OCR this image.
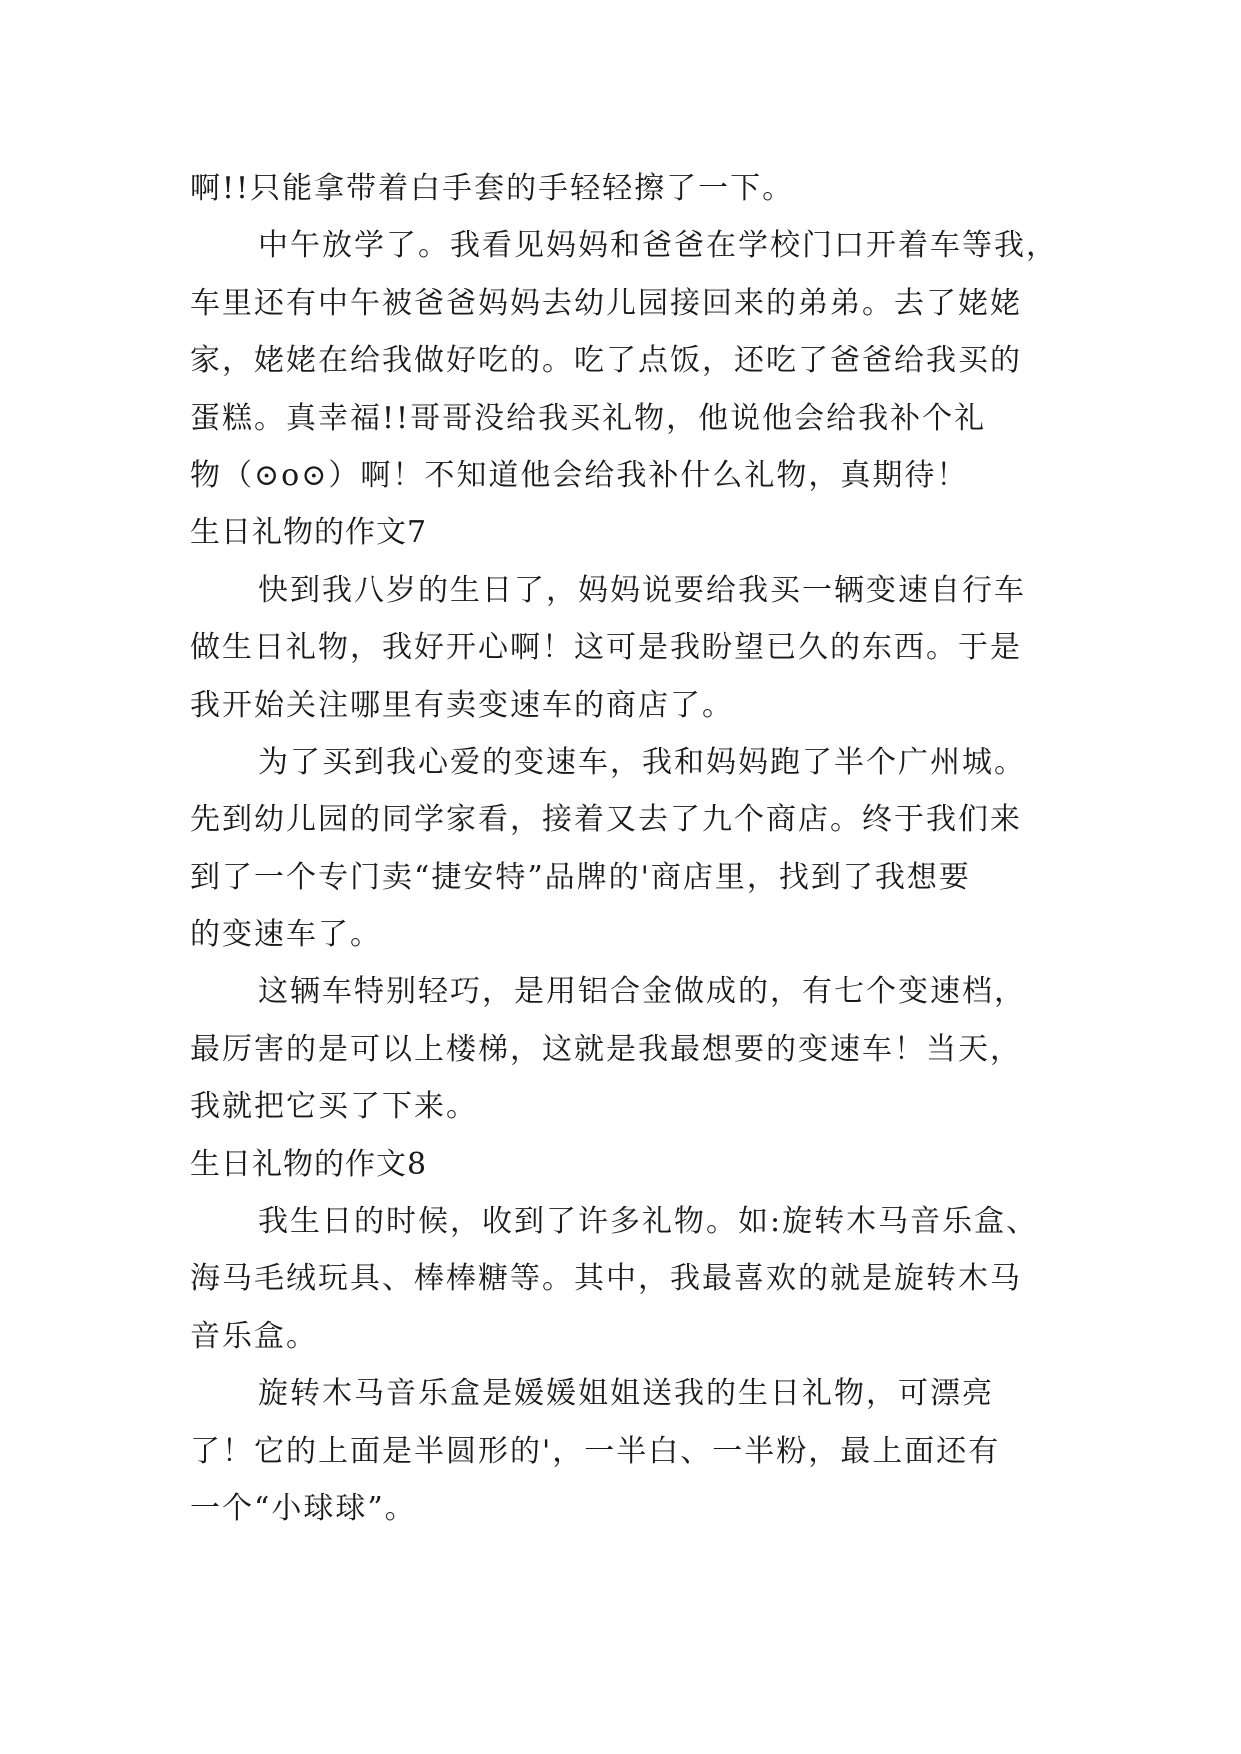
啊!!只能拿带着白手套的手轻轻擦了一下。
中午放学了。我看见妈妈和爸爸在学校门口开着车等我，
车里还有中午被爸爸妈妈去幼儿园接回来的弟弟。去了姥姥
家，姥姥在给我做好吃的。吃了点饭，还吃了爸爸给我买的
蛋糕。真幸福!!哥哥没给我买礼物，他说他会给我补个礼
物（⊙o⊙）啊！不知道他会给我补什么礼物，真期待！
生日礼物的作文7
快到我八岁的生日了，妈妈说要给我买一辆变速自行车
做生日礼物，我好开心啊！这可是我盼望已久的东西。于是
我开始关注哪里有卖变速车的商店了。
为了买到我心爱的变速车，我和妈妈跑了半个广州城。
先到幼儿园的同学家看，接着又去了九个商店。终于我们来
到了一个专门卖“捷安特”品牌的'商店里，找到了我想要
的变速车了。
这辆车特别轻巧，是用铝合金做成的，有七个变速档，
最厉害的是可以上楼梯，这就是我最想要的变速车！当天，
我就把它买了下来。
生日礼物的作文8
我生日的时候，收到了许多礼物。如:旋转木马音乐盒、
海马毛绒玩具、棒棒糖等。其中，我最喜欢的就是旋转木马
音乐盒。
旋转木马音乐盒是媛媛姐姐送我的生日礼物，可漂亮
了！它的上面是半圆形的'，一半白、一半粉，最上面还有
一个“小球球”。
